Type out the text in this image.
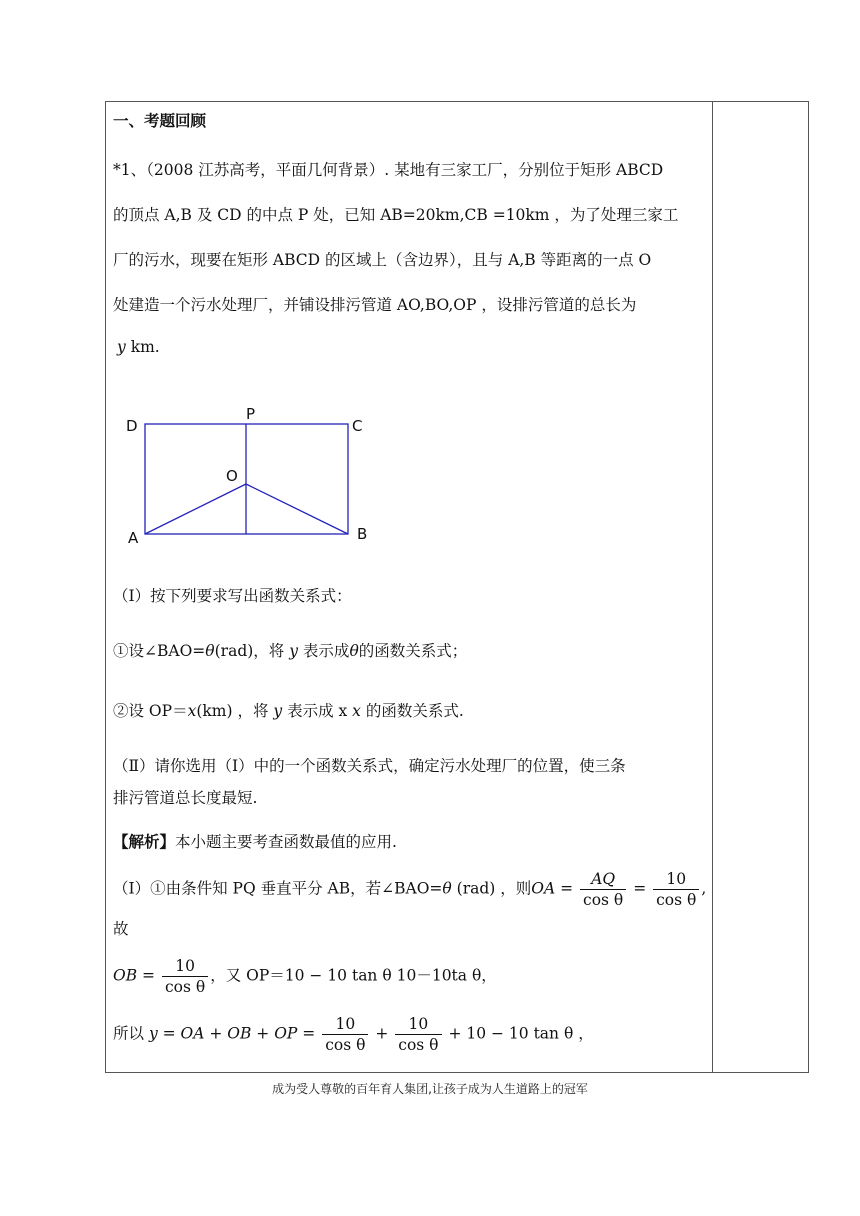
一、考题回顾
*1、（2008 江苏高考，平面几何背景）. 某地有三家工厂，分别位于矩形 ABCD
的顶点 A,B 及 CD 的中点 P 处，已知 AB=20km,CB =10km ，为了处理三家工
厂的污水，现要在矩形 ABCD 的区域上（含边界），且与 A,B 等距离的一点 O
处建造一个污水处理厂，并铺设排污管道 AO,BO,OP ，设排污管道的总长为
y km.
（Ⅰ）按下列要求写出函数关系式：
①设∠BAO=θ(rad)，将 y 表示成θ的函数关系式；
②设 OP＝x(km) ，将 y 表示成 x x 的函数关系式.
（Ⅱ）请你选用（Ⅰ）中的一个函数关系式，确定污水处理厂的位置，使三条
排污管道总长度最短.
【解析】本小题主要考查函数最值的应用.
（Ⅰ）①由条件知 PQ 垂直平分 AB，若∠BAO=θ (rad) ，则OA = $\frac{AQ}{\text{cos θ}} = \frac{10}{\text{cos θ}}$ ,
故
OB = $\frac{10}{\text{cos θ}}$ ，又 OP＝10 − 10 tan θ 10－10ta θ，
所以 y = OA + OB + OP = $\frac{10}{\text{cos θ}} + \frac{10}{\text{cos θ}} + 10 - 10$ tan θ ，
D
P
C
O
A	B
成为受人尊敬的百年育人集团,让孩子成为人生道路上的冠军
